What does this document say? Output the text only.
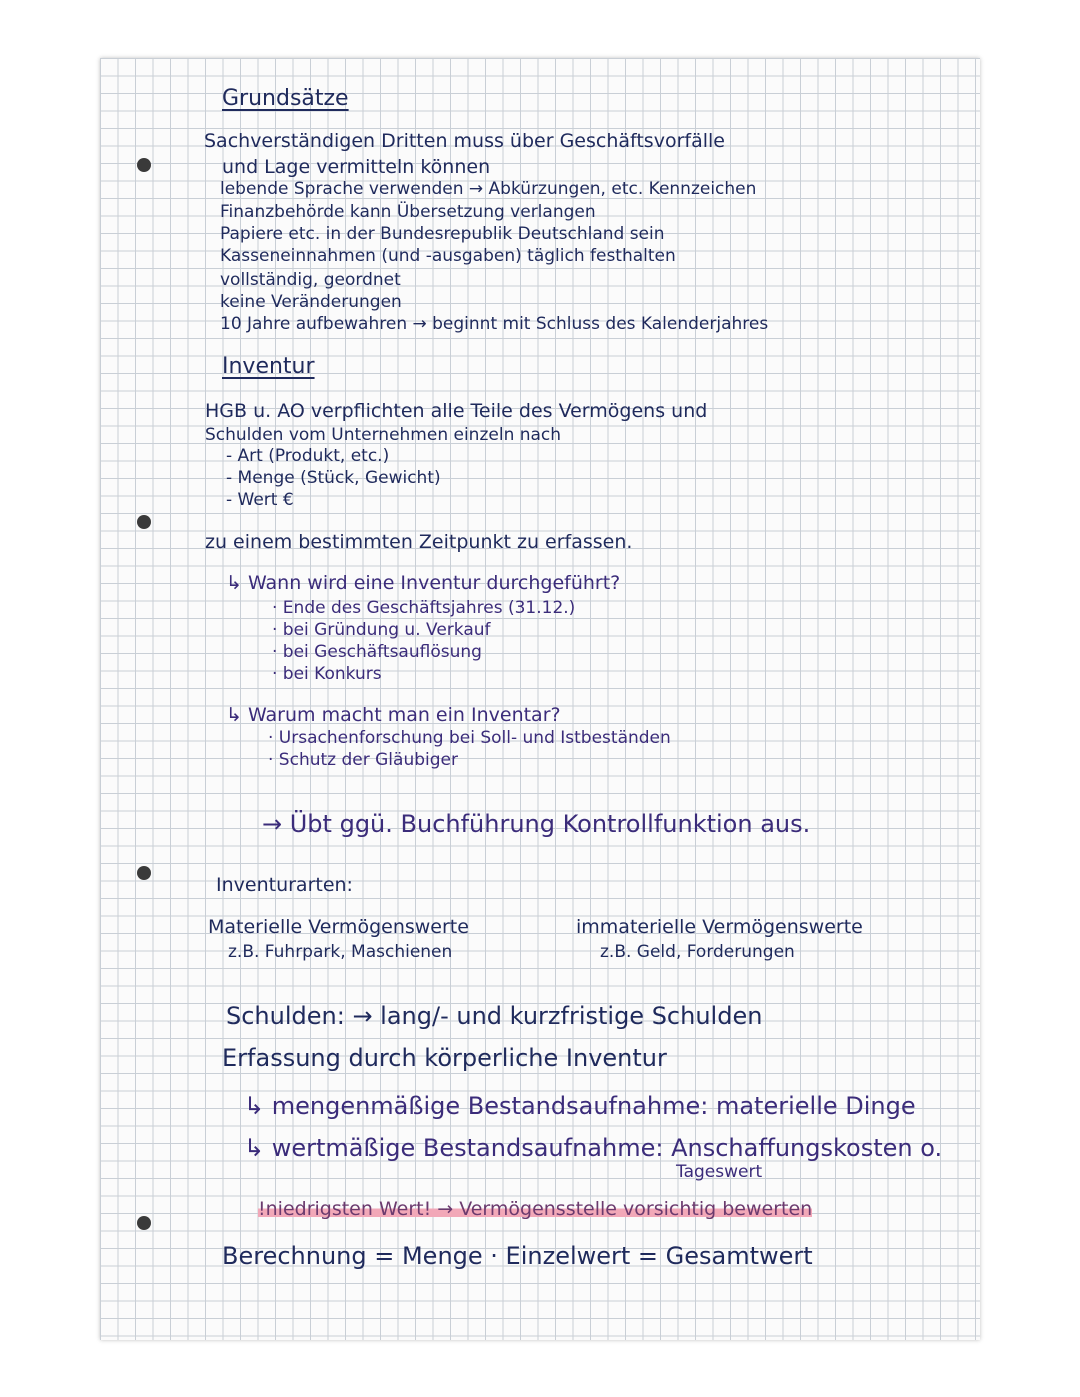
Grundsätze
Sachverständigen Dritten muss über Geschäftsvorfälle
und Lage vermitteln können
lebende Sprache verwenden → Abkürzungen, etc. Kennzeichen
Finanzbehörde kann Übersetzung verlangen
Papiere etc. in der Bundesrepublik Deutschland sein
Kasseneinnahmen (und -ausgaben) täglich festhalten
vollständig, geordnet
keine Veränderungen
10 Jahre aufbewahren → beginnt mit Schluss des Kalenderjahres
Inventur
HGB u. AO verpflichten alle Teile des Vermögens und
Schulden vom Unternehmen einzeln nach
- Art (Produkt, etc.)
- Menge (Stück, Gewicht)
- Wert €
zu einem bestimmten Zeitpunkt zu erfassen.
↳ Wann wird eine Inventur durchgeführt?
· Ende des Geschäftsjahres (31.12.)
· bei Gründung u. Verkauf
· bei Geschäftsauflösung
· bei Konkurs
↳ Warum macht man ein Inventar?
· Ursachenforschung bei Soll- und Istbeständen
· Schutz der Gläubiger
→ Übt ggü. Buchführung Kontrollfunktion aus.
Inventurarten:
Materielle Vermögenswerte
z.B. Fuhrpark, Maschienen
immaterielle Vermögenswerte
z.B. Geld, Forderungen
Schulden: → lang/- und kurzfristige Schulden
Erfassung durch körperliche Inventur
↳ mengenmäßige Bestandsaufnahme: materielle Dinge
↳ wertmäßige Bestandsaufnahme: Anschaffungskosten o.
Tageswert
!niedrigsten Wert! → Vermögensstelle vorsichtig bewerten
Berechnung = Menge · Einzelwert = Gesamtwert
